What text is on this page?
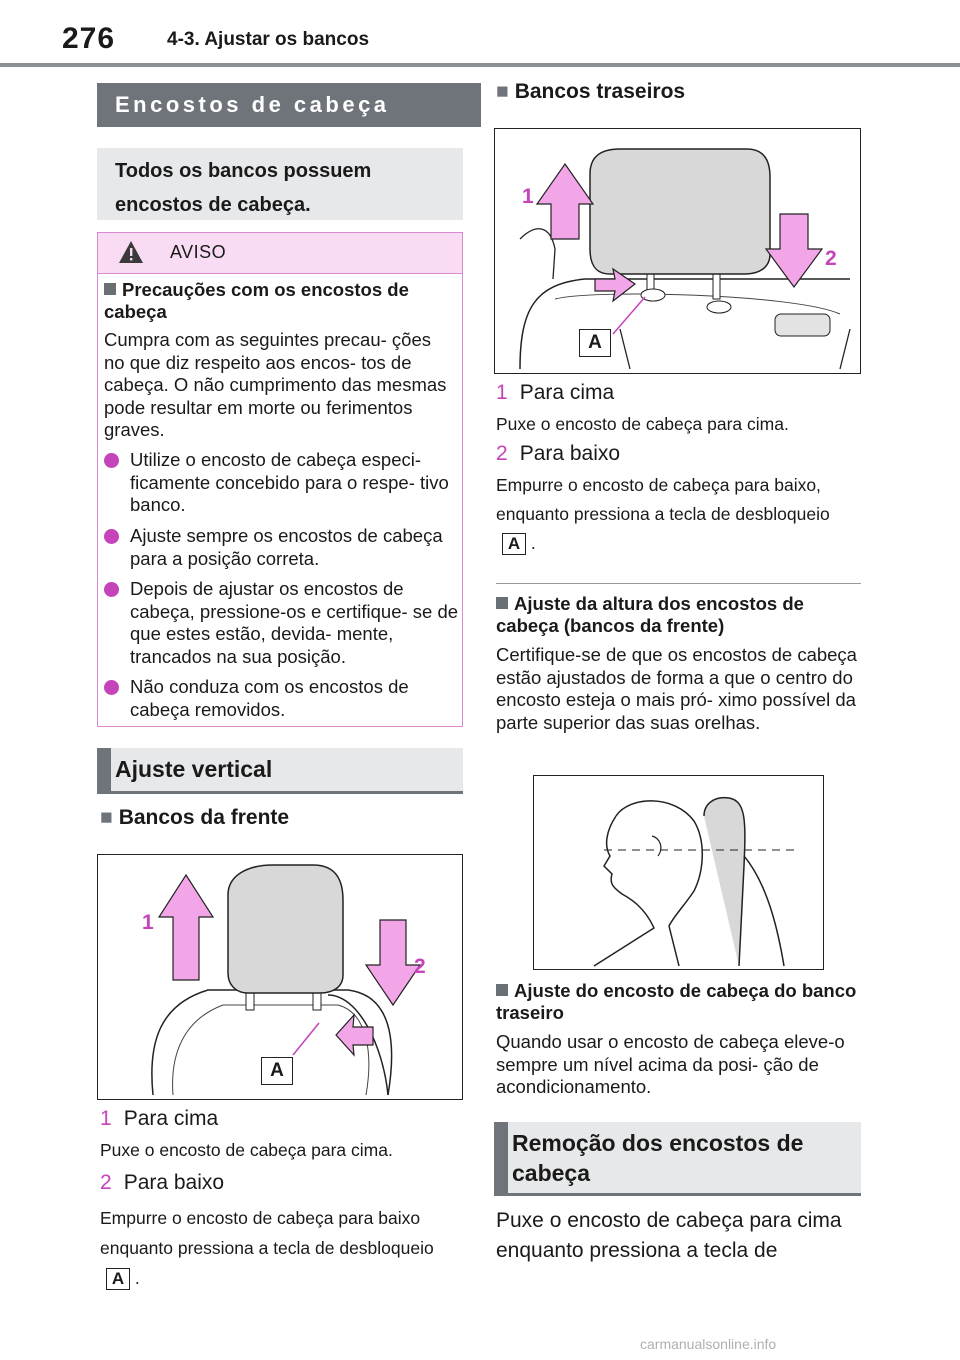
276	4-3. Ajustar os bancos
Encostos de cabeça
Todos os bancos possuem encostos de cabeça.
AVISO
Precauções com os encostos de cabeça
Cumpra com as seguintes precau- ções no que diz respeito aos encos- tos de cabeça. O não cumprimento das mesmas pode resultar em morte ou ferimentos graves.
Utilize o encosto de cabeça especi- ficamente concebido para o respe- tivo banco.
Ajuste sempre os encostos de cabeça para a posição correta.
Depois de ajustar os encostos de cabeça, pressione-os e certifique- se de que estes estão, devida- mente, trancados na sua posição.
Não conduza com os encostos de cabeça removidos.
Ajuste vertical
■ Bancos da frente
1
2
A
1 Para cima
Puxe o encosto de cabeça para cima.
2 Para baixo
Empurre o encosto de cabeça para baixo enquanto pressiona a tecla de desbloqueio A .
■ Bancos traseiros
1
2
A
1 Para cima
Puxe o encosto de cabeça para cima.
2 Para baixo
Empurre o encosto de cabeça para baixo, enquanto pressiona a tecla de desbloqueio A .
Ajuste da altura dos encostos de cabeça (bancos da frente)
Certifique-se de que os encostos de cabeça estão ajustados de forma a que o centro do encosto esteja o mais pró- ximo possível da parte superior das suas orelhas.
Ajuste do encosto de cabeça do banco traseiro
Quando usar o encosto de cabeça eleve-o sempre um nível acima da posi- ção de acondicionamento.
Remoção dos encostos de cabeça
Puxe o encosto de cabeça para cima enquanto pressiona a tecla de
carmanualsonline.info
